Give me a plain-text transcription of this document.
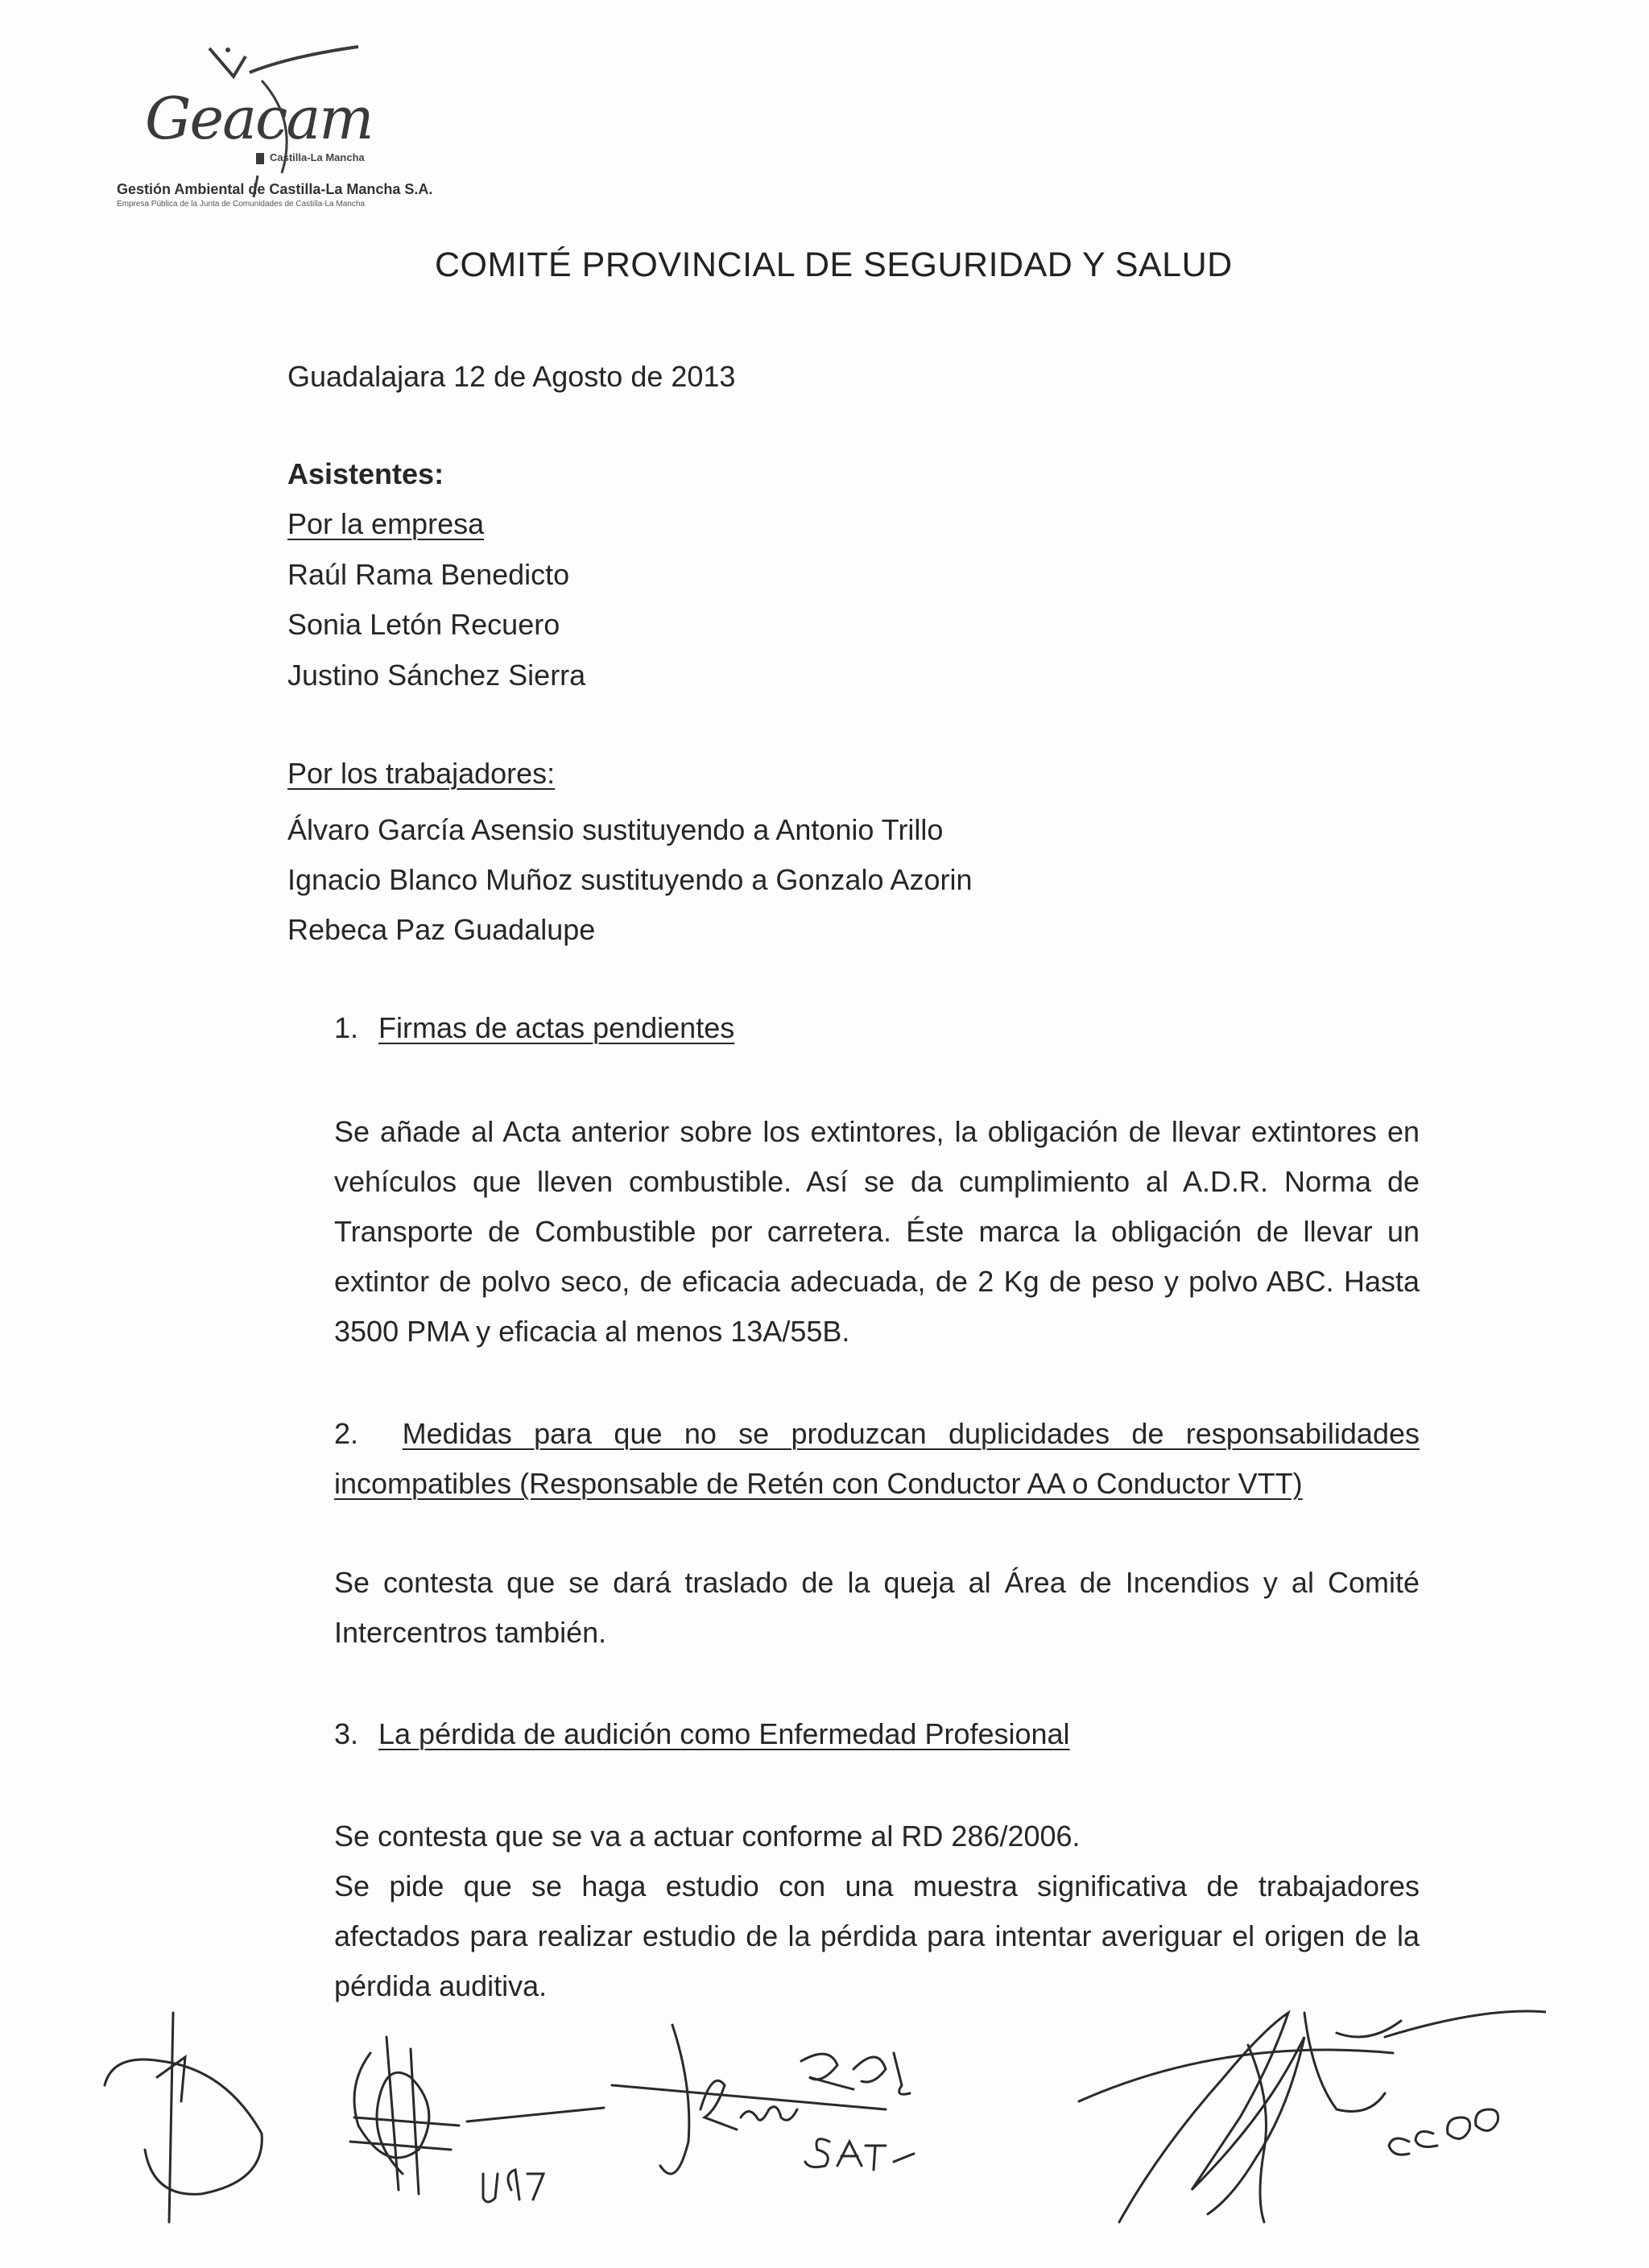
Geacam
Castilla-La Mancha
Gestión Ambiental de Castilla-La Mancha S.A.
Empresa Pública de la Junta de Comunidades de Castilla-La Mancha
COMITÉ PROVINCIAL DE SEGURIDAD Y SALUD
Guadalajara 12 de Agosto de 2013
Asistentes:
Por la empresa
Raúl Rama Benedicto
Sonia Letón Recuero
Justino Sánchez Sierra
Por los trabajadores:
Álvaro García Asensio sustituyendo a Antonio Trillo
Ignacio Blanco Muñoz sustituyendo a Gonzalo Azorin
Rebeca Paz Guadalupe
1. Firmas de actas pendientes
Se añade al Acta anterior sobre los extintores, la obligación de llevar extintores en vehículos que lleven combustible. Así se da cumplimiento al A.D.R. Norma de Transporte de Combustible por carretera. Éste marca la obligación de llevar un extintor de polvo seco, de eficacia adecuada, de 2 Kg de peso y polvo ABC. Hasta 3500 PMA y eficacia al menos 13A/55B.
2. Medidas para que no se produzcan duplicidades de responsabilidades incompatibles (Responsable de Retén con Conductor AA o Conductor VTT)
Se contesta que se dará traslado de la queja al Área de Incendios y al Comité Intercentros también.
3. La pérdida de audición como Enfermedad Profesional
Se contesta que se va a actuar conforme al RD 286/2006.
Se pide que se haga estudio con una muestra significativa de trabajadores afectados para realizar estudio de la pérdida para intentar averiguar el origen de la pérdida auditiva.
